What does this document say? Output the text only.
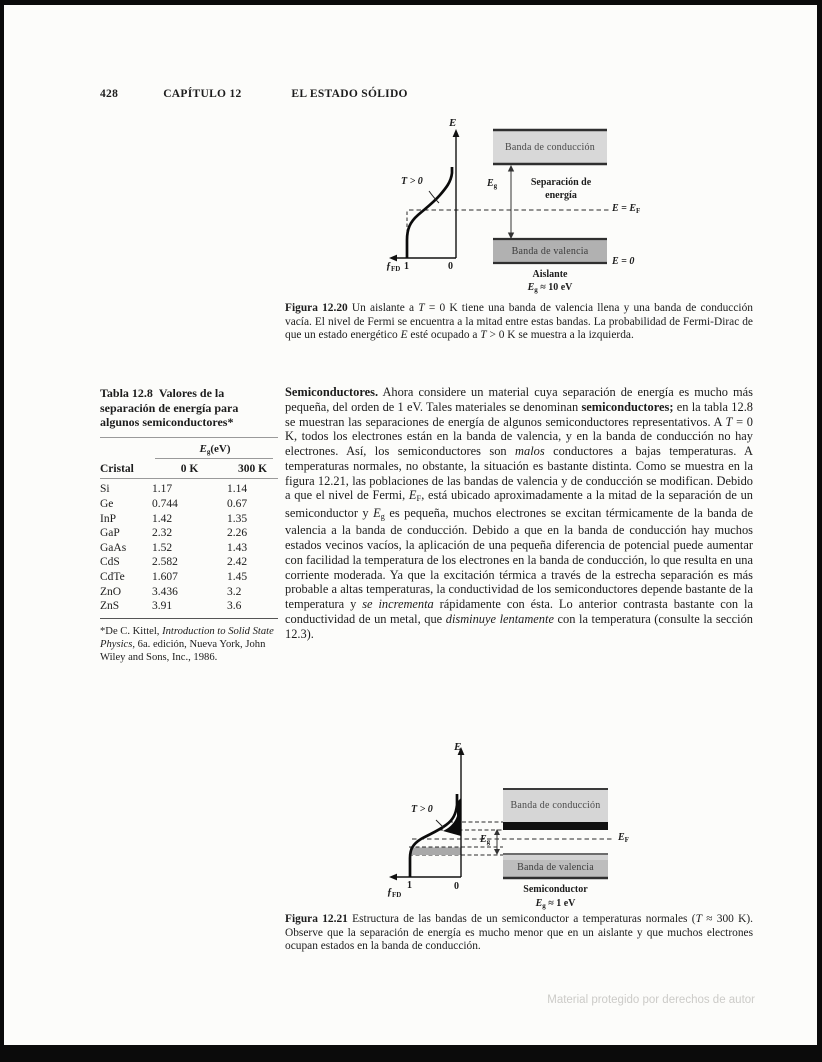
428	CAPÍTULO 12	EL ESTADO SÓLIDO
E
T > 0
$ƒ_{FD}$ 1	0
Banda de conducción
$E_g$	Separación de
energía
$E = E_F$
Banda de valencia
E = 0
Aislante
$E_g \approx 10$ eV
Figura 12.20 Un aislante a T = 0 K tiene una banda de valencia llena y una banda de conducción vacía. El nivel de Fermi se encuentra a la mitad entre estas bandas. La probabilidad de Fermi-Dirac de que un estado energético E esté ocupado a T > 0 K se muestra a la izquierda.
Tabla 12.8 Valores de la separación de energía para algunos semiconductores*
Eg(eV)
Cristal	0 K	300 K
Si	1.17	1.14
Ge	0.744	0.67
InP	1.42	1.35
GaP	2.32	2.26
GaAs	1.52	1.43
CdS	2.582	2.42
CdTe	1.607	1.45
ZnO	3.436	3.2
ZnS	3.91	3.6
*De C. Kittel, Introduction to Solid State Physics, 6a. edición, Nueva York, John Wiley and Sons, Inc., 1986.
Semiconductores. Ahora considere un material cuya separación de energía es mucho más pequeña, del orden de 1 eV. Tales materiales se denominan semiconductores; en la tabla 12.8 se muestran las separaciones de energía de algunos semiconductores representativos. A T = 0 K, todos los electrones están en la banda de valencia, y en la banda de conducción no hay electrones. Así, los semiconductores son malos conductores a bajas temperaturas. A temperaturas normales, no obstante, la situación es bastante distinta. Como se muestra en la figura 12.21, las poblaciones de las bandas de valencia y de conducción se modifican. Debido a que el nivel de Fermi, EF, está ubicado aproximadamente a la mitad de la separación de un semiconductor y Eg es pequeña, muchos electrones se excitan térmicamente de la banda de valencia a la banda de conducción. Debido a que en la banda de conducción hay muchos estados vecinos vacíos, la aplicación de una pequeña diferencia de potencial puede aumentar con facilidad la temperatura de los electrones en la banda de conducción, lo que resulta en una corriente moderada. Ya que la excitación térmica a través de la estrecha separación es más probable a altas temperaturas, la conductividad de los semiconductores depende bastante de la temperatura y se incrementa rápidamente con ésta. Lo anterior contrasta bastante con la conductividad de un metal, que disminuye lentamente con la temperatura (consulte la sección 12.3).
E
T > 0
$ƒ_{FD}$
1	0
Banda de conducción
$E_g$	$E_F$
Banda de valencia
Semiconductor
$E_g \approx 1$ eV
Figura 12.21 Estructura de las bandas de un semiconductor a temperaturas normales (T ≈ 300 K). Observe que la separación de energía es mucho menor que en un aislante y que muchos electrones ocupan estados en la banda de conducción.
Material protegido por derechos de autor
